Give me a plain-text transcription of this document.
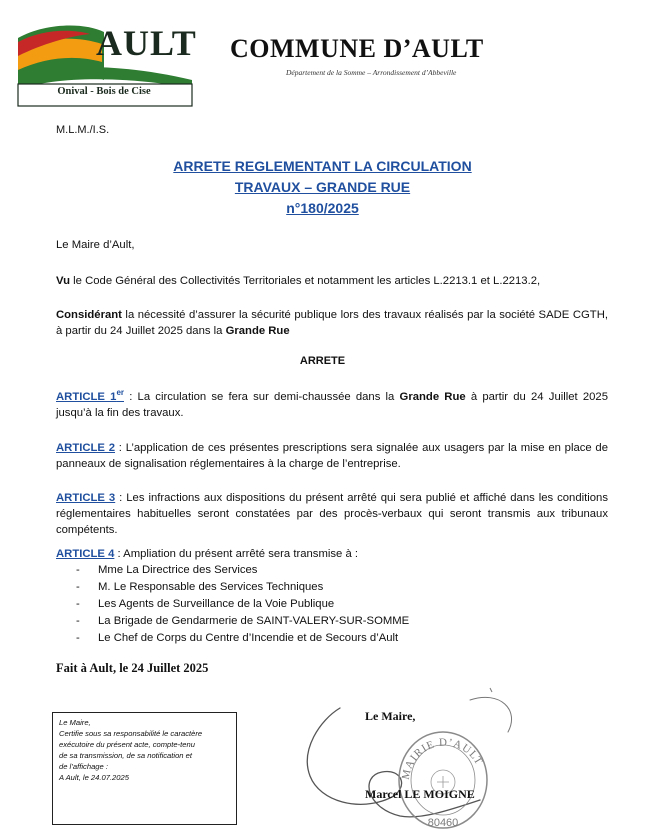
AULT
Onival - Bois de Cise
COMMUNE D’AULT
Département de la Somme – Arrondissement d’Abbeville
M.L.M./I.S.
ARRETE REGLEMENTANT LA CIRCULATION
TRAVAUX – GRANDE RUE
n°180/2025
Le Maire d’Ault,
Vu le Code Général des Collectivités Territoriales et notamment les articles L.2213.1 et L.2213.2,
Considérant la nécessité d’assurer la sécurité publique lors des travaux réalisés par la société SADE CGTH, à partir du 24 Juillet 2025 dans la Grande Rue
ARRETE
ARTICLE 1er : La circulation se fera sur demi-chaussée dans la Grande Rue à partir du 24 Juillet 2025 jusqu’à la fin des travaux.
ARTICLE 2 : L’application de ces présentes prescriptions sera signalée aux usagers par la mise en place de panneaux de signalisation réglementaires à la charge de l’entreprise.
ARTICLE 3 : Les infractions aux dispositions du présent arrêté qui sera publié et affiché dans les conditions réglementaires habituelles seront constatées par des procès-verbaux qui seront transmis aux tribunaux compétents.
ARTICLE 4 : Ampliation du présent arrêté sera transmise à :
- Mme La Directrice des Services
- M. Le Responsable des Services Techniques
- Les Agents de Surveillance de la Voie Publique
- La Brigade de Gendarmerie de SAINT-VALERY-SUR-SOMME
- Le Chef de Corps du Centre d’Incendie et de Secours d’Ault
Fait à Ault, le 24 Juillet 2025
Le Maire,
Certifie sous sa responsabilité le caractère
exécutoire du présent acte, compte-tenu
de sa transmission, de sa notification et
de l’affichage :
A Ault, le 24.07.2025
Le Maire,
MAIRIE D’AULT
80460
Marcel LE MOIGNE
